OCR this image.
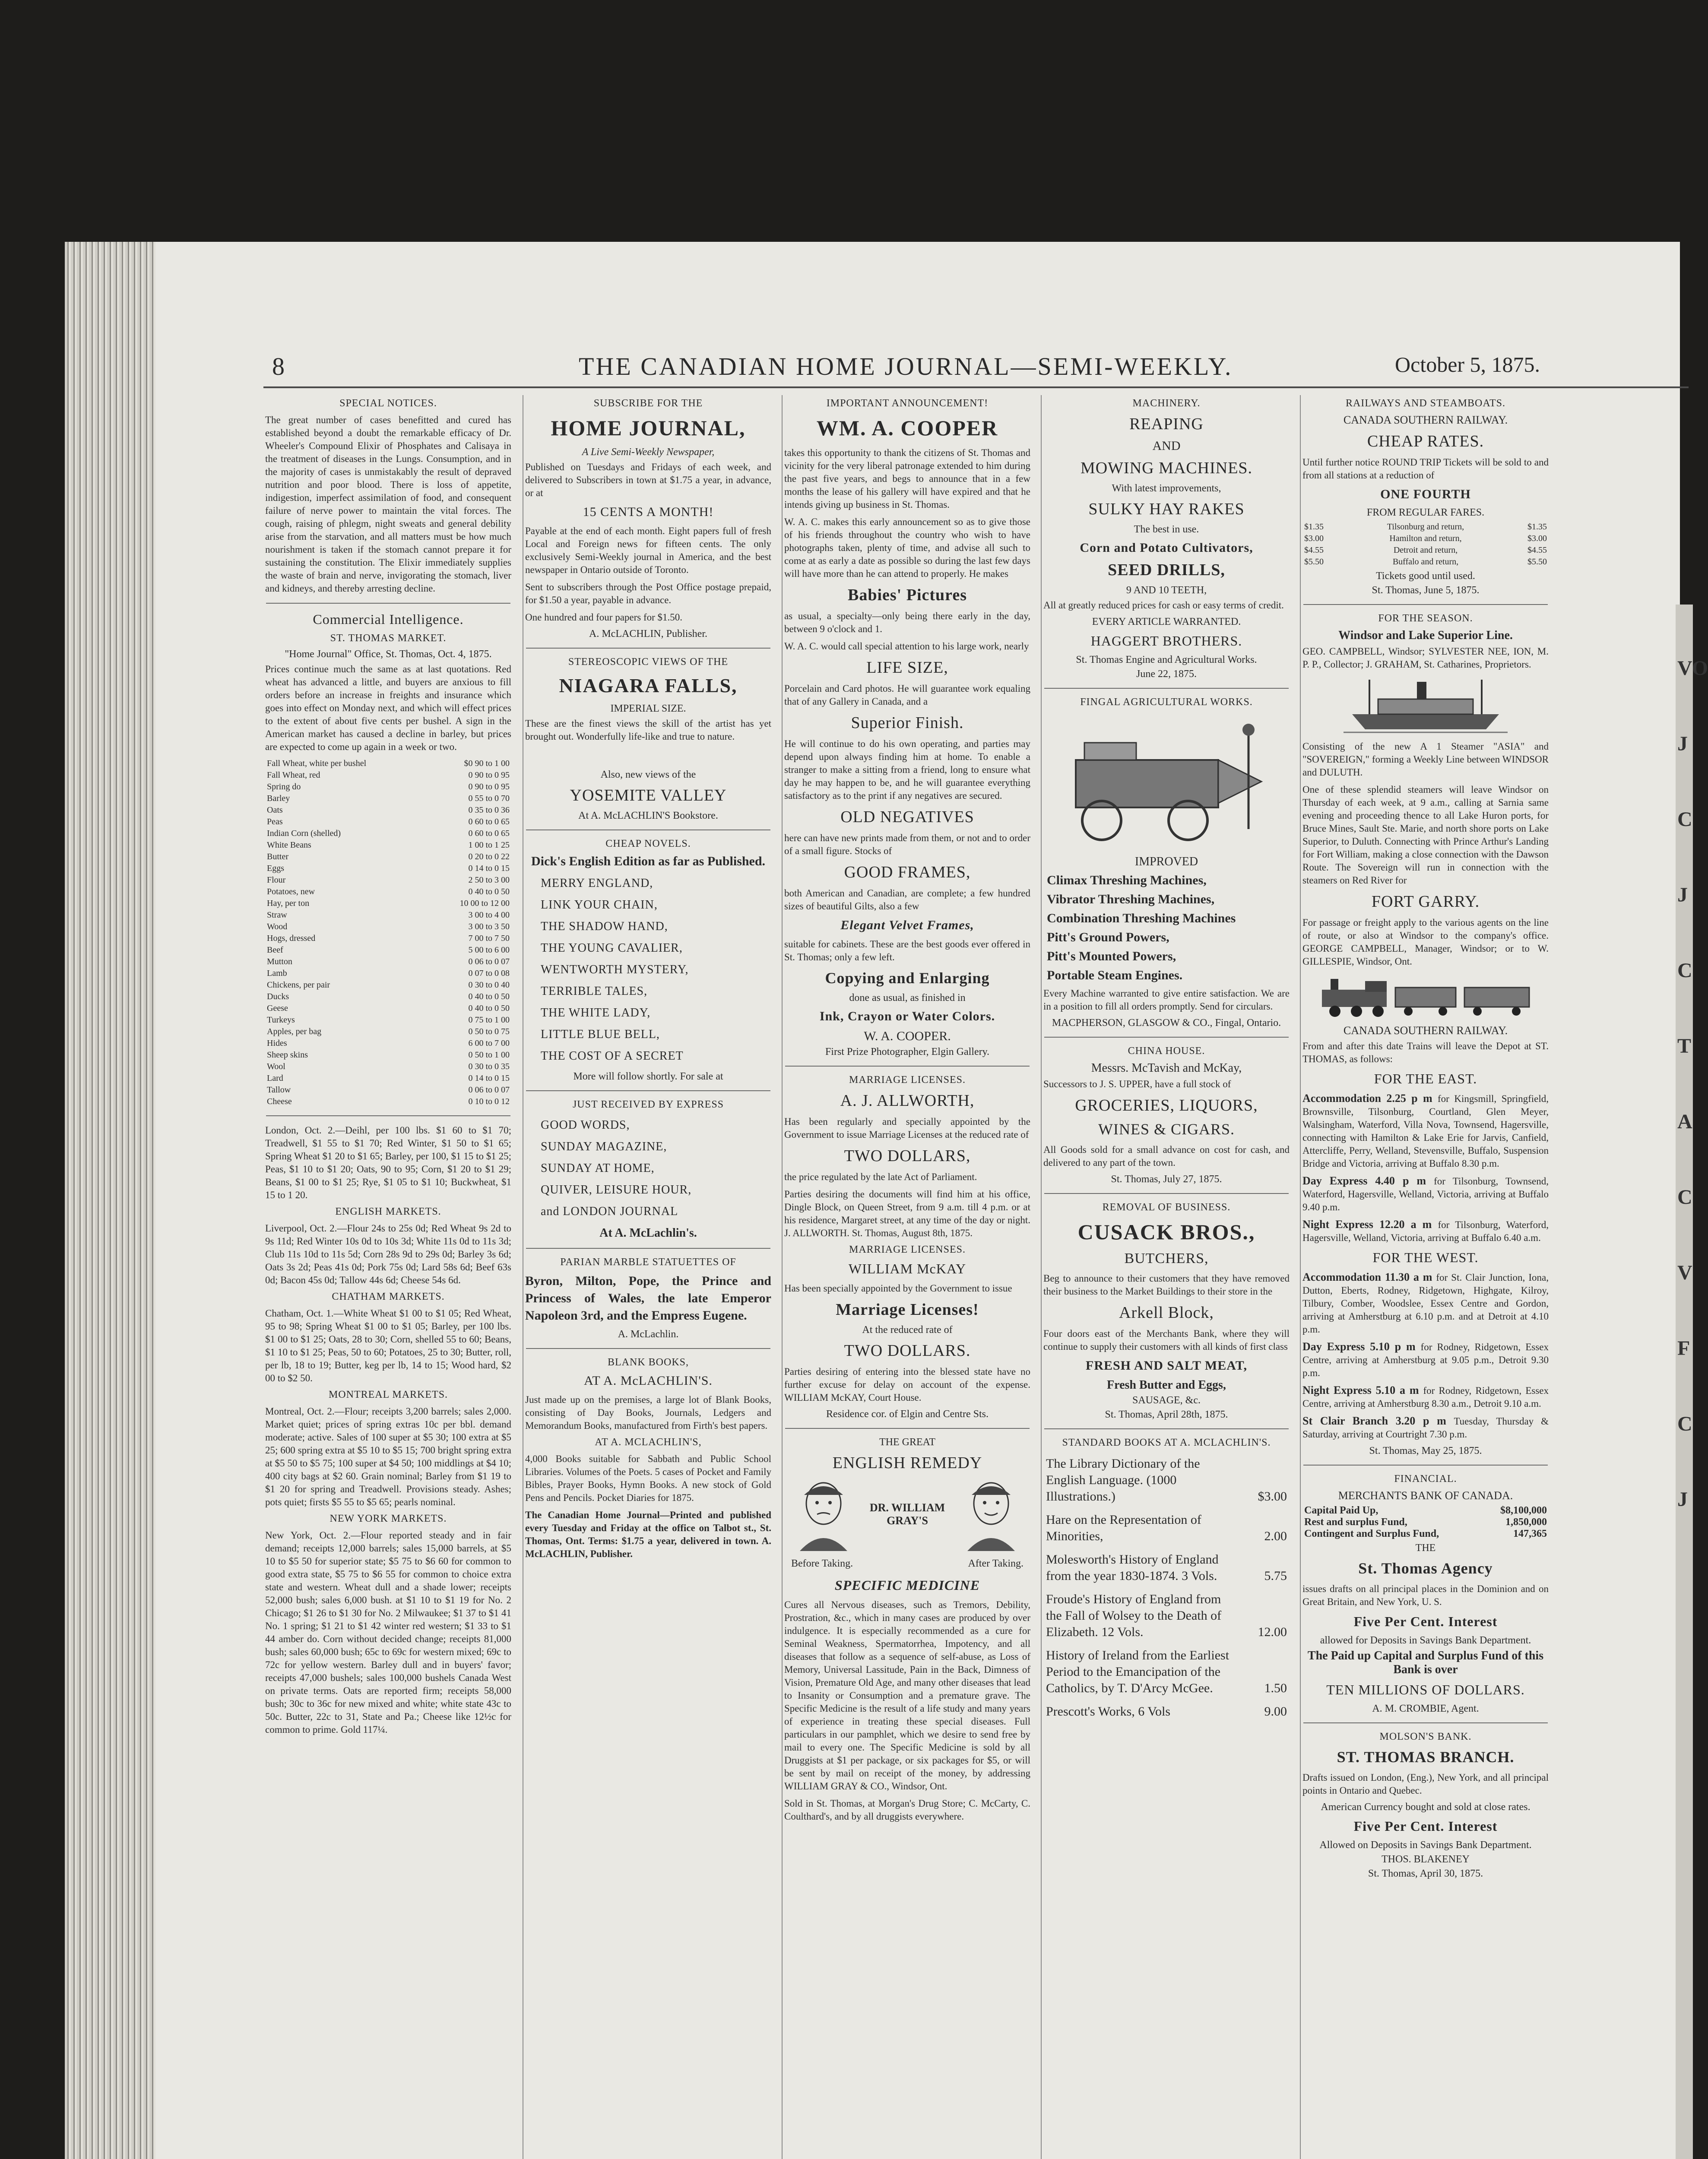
8	THE CANADIAN HOME JOURNAL—SEMI-WEEKLY.	October 5, 1875.
SPECIAL NOTICES.
The great number of cases benefitted and cured has established beyond a doubt the remarkable efficacy of Dr. Wheeler's Compound Elixir of Phosphates and Calisaya in the treatment of diseases in the Lungs. Consumption, and in the majority of cases is unmistakably the result of depraved nutrition and poor blood. There is loss of appetite, indigestion, imperfect assimilation of food, and consequent failure of nerve power to maintain the vital forces. The cough, raising of phlegm, night sweats and general debility arise from the starvation, and all matters must be how much nourishment is taken if the stomach cannot prepare it for sustaining the constitution. The Elixir immediately supplies the waste of brain and nerve, invigorating the stomach, liver and kidneys, and thereby arresting decline.
Commercial Intelligence.
ST. THOMAS MARKET.
"Home Journal" Office, St. Thomas, Oct. 4, 1875.
Prices continue much the same as at last quotations. Red wheat has advanced a little, and buyers are anxious to fill orders before an increase in freights and insurance which goes into effect on Monday next, and which will effect prices to the extent of about five cents per bushel. A sign in the American market has caused a decline in barley, but prices are expected to come up again in a week or two.
Fall Wheat, white per bushel	$0 90 to 1 00
Fall Wheat, red	0 90 to 0 95
Spring do	0 90 to 0 95
Barley	0 55 to 0 70
Oats	0 35 to 0 36
Peas	0 60 to 0 65
Indian Corn (shelled)	0 60 to 0 65
White Beans	1 00 to 1 25
Butter	0 20 to 0 22
Eggs	0 14 to 0 15
Flour	2 50 to 3 00
Potatoes, new	0 40 to 0 50
Hay, per ton	10 00 to 12 00
Straw	3 00 to 4 00
Wood	3 00 to 3 50
Hogs, dressed	7 00 to 7 50
Beef	5 00 to 6 00
Mutton	0 06 to 0 07
Lamb	0 07 to 0 08
Chickens, per pair	0 30 to 0 40
Ducks	0 40 to 0 50
Geese	0 40 to 0 50
Turkeys	0 75 to 1 00
Apples, per bag	0 50 to 0 75
Hides	6 00 to 7 00
Sheep skins	0 50 to 1 00
Wool	0 30 to 0 35
Lard	0 14 to 0 15
Tallow	0 06 to 0 07
Cheese	0 10 to 0 12
London, Oct. 2.—Deihl, per 100 lbs. $1 60 to $1 70; Treadwell, $1 55 to $1 70; Red Winter, $1 50 to $1 65; Spring Wheat $1 20 to $1 65; Barley, per 100, $1 15 to $1 25; Peas, $1 10 to $1 20; Oats, 90 to 95; Corn, $1 20 to $1 29; Beans, $1 00 to $1 25; Rye, $1 05 to $1 10; Buckwheat, $1 15 to 1 20.
ENGLISH MARKETS.
Liverpool, Oct. 2.—Flour 24s to 25s 0d; Red Wheat 9s 2d to 9s 11d; Red Winter 10s 0d to 10s 3d; White 11s 0d to 11s 3d; Club 11s 10d to 11s 5d; Corn 28s 9d to 29s 0d; Barley 3s 6d; Oats 3s 2d; Peas 41s 0d; Pork 75s 0d; Lard 58s 6d; Beef 63s 0d; Bacon 45s 0d; Tallow 44s 6d; Cheese 54s 6d.
CHATHAM MARKETS.
Chatham, Oct. 1.—White Wheat $1 00 to $1 05; Red Wheat, 95 to 98; Spring Wheat $1 00 to $1 05; Barley, per 100 lbs. $1 00 to $1 25; Oats, 28 to 30; Corn, shelled 55 to 60; Beans, $1 10 to $1 25; Peas, 50 to 60; Potatoes, 25 to 30; Butter, roll, per lb, 18 to 19; Butter, keg per lb, 14 to 15; Wood hard, $2 00 to $2 50.
MONTREAL MARKETS.
Montreal, Oct. 2.—Flour; receipts 3,200 barrels; sales 2,000. Market quiet; prices of spring extras 10c per bbl. demand moderate; active. Sales of 100 super at $5 30; 100 extra at $5 25; 600 spring extra at $5 10 to $5 15; 700 bright spring extra at $5 50 to $5 75; 100 super at $4 50; 100 middlings at $4 10; 400 city bags at $2 60. Grain nominal; Barley from $1 19 to $1 20 for spring and Treadwell. Provisions steady. Ashes; pots quiet; firsts $5 55 to $5 65; pearls nominal.
NEW YORK MARKETS.
New York, Oct. 2.—Flour reported steady and in fair demand; receipts 12,000 barrels; sales 15,000 barrels, at $5 10 to $5 50 for superior state; $5 75 to $6 60 for common to good extra state, $5 75 to $6 55 for common to choice extra state and western. Wheat dull and a shade lower; receipts 52,000 bush; sales 6,000 bush. at $1 10 to $1 19 for No. 2 Chicago; $1 26 to $1 30 for No. 2 Milwaukee; $1 37 to $1 41 No. 1 spring; $1 21 to $1 42 winter red western; $1 33 to $1 44 amber do. Corn without decided change; receipts 81,000 bush; sales 60,000 bush; 65c to 69c for western mixed; 69c to 72c for yellow western. Barley dull and in buyers' favor; receipts 47,000 bushels; sales 100,000 bushels Canada West on private terms. Oats are reported firm; receipts 58,000 bush; 30c to 36c for new mixed and white; white state 43c to 50c. Butter, 22c to 31, State and Pa.; Cheese like 12½c for common to prime. Gold 117¼.
SUBSCRIBE FOR THE
HOME JOURNAL,
A Live Semi-Weekly Newspaper,
Published on Tuesdays and Fridays of each week, and delivered to Subscribers in town at $1.75 a year, in advance, or at
15 CENTS A MONTH!
Payable at the end of each month. Eight papers full of fresh Local and Foreign news for fifteen cents. The only exclusively Semi-Weekly journal in America, and the best newspaper in Ontario outside of Toronto.
Sent to subscribers through the Post Office postage prepaid, for $1.50 a year, payable in advance.
One hundred and four papers for $1.50.
A. McLACHLIN, Publisher.
STEREOSCOPIC VIEWS OF THE
NIAGARA FALLS,
IMPERIAL SIZE.
These are the finest views the skill of the artist has yet brought out. Wonderfully life-like and true to nature.
Also, new views of the
YOSEMITE VALLEY
At A. McLACHLIN'S Bookstore.
CHEAP NOVELS.
Dick's English Edition as far as Published.
MERRY ENGLAND,
LINK YOUR CHAIN,
THE SHADOW HAND,
THE YOUNG CAVALIER,
WENTWORTH MYSTERY,
TERRIBLE TALES,
THE WHITE LADY,
LITTLE BLUE BELL,
THE COST OF A SECRET
More will follow shortly. For sale at
JUST RECEIVED BY EXPRESS
GOOD WORDS,
SUNDAY MAGAZINE,
SUNDAY AT HOME,
QUIVER, LEISURE HOUR,
and LONDON JOURNAL
At A. McLachlin's.
PARIAN MARBLE STATUETTES OF
Byron, Milton, Pope, the Prince and Princess of Wales, the late Emperor Napoleon 3rd, and the Empress Eugene.
A. McLachlin.
BLANK BOOKS,
AT A. McLACHLIN'S.
Just made up on the premises, a large lot of Blank Books, consisting of Day Books, Journals, Ledgers and Memorandum Books, manufactured from Firth's best papers.
AT A. MCLACHLIN'S,
4,000 Books suitable for Sabbath and Public School Libraries. Volumes of the Poets. 5 cases of Pocket and Family Bibles, Prayer Books, Hymn Books. A new stock of Gold Pens and Pencils. Pocket Diaries for 1875.
The Canadian Home Journal—Printed and published every Tuesday and Friday at the office on Talbot st., St. Thomas, Ont. Terms: $1.75 a year, delivered in town. A. McLACHLIN, Publisher.
IMPORTANT ANNOUNCEMENT!
WM. A. COOPER
takes this opportunity to thank the citizens of St. Thomas and vicinity for the very liberal patronage extended to him during the past five years, and begs to announce that in a few months the lease of his gallery will have expired and that he intends giving up business in St. Thomas.
W. A. C. makes this early announcement so as to give those of his friends throughout the country who wish to have photographs taken, plenty of time, and advise all such to come at as early a date as possible so during the last few days will have more than he can attend to properly. He makes
Babies' Pictures
as usual, a specialty—only being there early in the day, between 9 o'clock and 1.
W. A. C. would call special attention to his large work, nearly
LIFE SIZE,
Porcelain and Card photos. He will guarantee work equaling that of any Gallery in Canada, and a
Superior Finish.
He will continue to do his own operating, and parties may depend upon always finding him at home. To enable a stranger to make a sitting from a friend, long to ensure what day he may happen to be, and he will guarantee everything satisfactory as to the print if any negatives are secured.
OLD NEGATIVES
here can have new prints made from them, or not and to order of a small figure. Stocks of
GOOD FRAMES,
both American and Canadian, are complete; a few hundred sizes of beautiful Gilts, also a few
Elegant Velvet Frames,
suitable for cabinets. These are the best goods ever offered in St. Thomas; only a few left.
Copying and Enlarging
done as usual, as finished in
Ink, Crayon or Water Colors.
W. A. COOPER.
First Prize Photographer, Elgin Gallery.
MARRIAGE LICENSES.
A. J. ALLWORTH,
Has been regularly and specially appointed by the Government to issue Marriage Licenses at the reduced rate of
TWO DOLLARS,
the price regulated by the late Act of Parliament.
Parties desiring the documents will find him at his office, Dingle Block, on Queen Street, from 9 a.m. till 4 p.m. or at his residence, Margaret street, at any time of the day or night. J. ALLWORTH. St. Thomas, August 8th, 1875.
MARRIAGE LICENSES.
WILLIAM McKAY
Has been specially appointed by the Government to issue
Marriage Licenses!
At the reduced rate of
TWO DOLLARS.
Parties desiring of entering into the blessed state have no further excuse for delay on account of the expense. WILLIAM McKAY, Court House.
Residence cor. of Elgin and Centre Sts.
THE GREAT
ENGLISH REMEDY
DR. WILLIAM GRAY'S
Before Taking.	After Taking.
SPECIFIC MEDICINE
Cures all Nervous diseases, such as Tremors, Debility, Prostration, &c., which in many cases are produced by over indulgence. It is especially recommended as a cure for Seminal Weakness, Spermatorrhea, Impotency, and all diseases that follow as a sequence of self-abuse, as Loss of Memory, Universal Lassitude, Pain in the Back, Dimness of Vision, Premature Old Age, and many other diseases that lead to Insanity or Consumption and a premature grave. The Specific Medicine is the result of a life study and many years of experience in treating these special diseases. Full particulars in our pamphlet, which we desire to send free by mail to every one. The Specific Medicine is sold by all Druggists at $1 per package, or six packages for $5, or will be sent by mail on receipt of the money, by addressing WILLIAM GRAY & CO., Windsor, Ont.
Sold in St. Thomas, at Morgan's Drug Store; C. McCarty, C. Coulthard's, and by all druggists everywhere.
MACHINERY.
REAPING
AND
MOWING MACHINES.
With latest improvements,
SULKY HAY RAKES
The best in use.
Corn and Potato Cultivators,
SEED DRILLS,
9 AND 10 TEETH,
All at greatly reduced prices for cash or easy terms of credit.
EVERY ARTICLE WARRANTED.
HAGGERT BROTHERS.
St. Thomas Engine and Agricultural Works.
June 22, 1875.
FINGAL AGRICULTURAL WORKS.
IMPROVED
Climax Threshing Machines,
Vibrator Threshing Machines,
Combination Threshing Machines
Pitt's Ground Powers,
Pitt's Mounted Powers,
Portable Steam Engines.
Every Machine warranted to give entire satisfaction. We are in a position to fill all orders promptly. Send for circulars.
MACPHERSON, GLASGOW & CO., Fingal, Ontario.
CHINA HOUSE.
Messrs. McTavish and McKay,
Successors to J. S. UPPER, have a full stock of
GROCERIES, LIQUORS,
WINES & CIGARS.
All Goods sold for a small advance on cost for cash, and delivered to any part of the town.
St. Thomas, July 27, 1875.
REMOVAL OF BUSINESS.
CUSACK BROS.,
BUTCHERS,
Beg to announce to their customers that they have removed their business to the Market Buildings to their store in the
Arkell Block,
Four doors east of the Merchants Bank, where they will continue to supply their customers with all kinds of first class
FRESH AND SALT MEAT,
Fresh Butter and Eggs,
SAUSAGE, &c.
St. Thomas, April 28th, 1875.
STANDARD BOOKS AT A. MCLACHLIN'S.
The Library Dictionary of the English Language. (1000 Illustrations.)	$3.00
Hare on the Representation of Minorities,	2.00
Molesworth's History of England from the year 1830-1874. 3 Vols.	5.75
Froude's History of England from the Fall of Wolsey to the Death of Elizabeth. 12 Vols.	12.00
History of Ireland from the Earliest Period to the Emancipation of the Catholics, by T. D'Arcy McGee.	1.50
Prescott's Works, 6 Vols	9.00
RAILWAYS AND STEAMBOATS.
CANADA SOUTHERN RAILWAY.
CHEAP RATES.
Until further notice ROUND TRIP Tickets will be sold to and from all stations at a reduction of
ONE FOURTH
FROM REGULAR FARES.
$1.35	Tilsonburg and return,	$1.35
$3.00	Hamilton and return,	$3.00
$4.55	Detroit and return,	$4.55
$5.50	Buffalo and return,	$5.50
Tickets good until used.
St. Thomas, June 5, 1875.
FOR THE SEASON.
Windsor and Lake Superior Line.
GEO. CAMPBELL, Windsor; SYLVESTER NEE, ION, M. P. P., Collector; J. GRAHAM, St. Catharines, Proprietors.
Consisting of the new A 1 Steamer "ASIA" and "SOVEREIGN," forming a Weekly Line between WINDSOR and DULUTH.
One of these splendid steamers will leave Windsor on Thursday of each week, at 9 a.m., calling at Sarnia same evening and proceeding thence to all Lake Huron ports, for Bruce Mines, Sault Ste. Marie, and north shore ports on Lake Superior, to Duluth. Connecting with Prince Arthur's Landing for Fort William, making a close connection with the Dawson Route. The Sovereign will run in connection with the steamers on Red River for
FORT GARRY.
For passage or freight apply to the various agents on the line of route, or also at Windsor to the company's office. GEORGE CAMPBELL, Manager, Windsor; or to W. GILLESPIE, Windsor, Ont.
CANADA SOUTHERN RAILWAY.
From and after this date Trains will leave the Depot at ST. THOMAS, as follows:
FOR THE EAST.
Accommodation 2.25 p m for Kingsmill, Springfield, Brownsville, Tilsonburg, Courtland, Glen Meyer, Walsingham, Waterford, Villa Nova, Townsend, Hagersville, connecting with Hamilton & Lake Erie for Jarvis, Canfield, Attercliffe, Perry, Welland, Stevensville, Buffalo, Suspension Bridge and Victoria, arriving at Buffalo 8.30 p.m.
Day Express 4.40 p m for Tilsonburg, Townsend, Waterford, Hagersville, Welland, Victoria, arriving at Buffalo 9.40 p.m.
Night Express 12.20 a m for Tilsonburg, Waterford, Hagersville, Welland, Victoria, arriving at Buffalo 6.40 a.m.
FOR THE WEST.
Accommodation 11.30 a m for St. Clair Junction, Iona, Dutton, Eberts, Rodney, Ridgetown, Highgate, Kilroy, Tilbury, Comber, Woodslee, Essex Centre and Gordon, arriving at Amherstburg at 6.10 p.m. and at Detroit at 4.10 p.m.
Day Express 5.10 p m for Rodney, Ridgetown, Essex Centre, arriving at Amherstburg at 9.05 p.m., Detroit 9.30 p.m.
Night Express 5.10 a m for Rodney, Ridgetown, Essex Centre, arriving at Amherstburg 8.30 a.m., Detroit 9.10 a.m.
St Clair Branch 3.20 p m Tuesday, Thursday & Saturday, arriving at Courtright 7.30 p.m.
St. Thomas, May 25, 1875.
FINANCIAL.
MERCHANTS BANK OF CANADA.
Capital Paid Up,	$8,100,000
Rest and surplus Fund,	1,850,000
Contingent and Surplus Fund,	147,365
THE
St. Thomas Agency
issues drafts on all principal places in the Dominion and on Great Britain, and New York, U. S.
Five Per Cent. Interest
allowed for Deposits in Savings Bank Department.
The Paid up Capital and Surplus Fund of this Bank is over
TEN MILLIONS OF DOLLARS.
A. M. CROMBIE, Agent.
MOLSON'S BANK.
ST. THOMAS BRANCH.
Drafts issued on London, (Eng.), New York, and all principal points in Ontario and Quebec.
American Currency bought and sold at close rates.
Five Per Cent. Interest
Allowed on Deposits in Savings Bank Department.
THOS. BLAKENEY
St. Thomas, April 30, 1875.
VO
J
C
J
C
T
A
C
V
F
C
J
